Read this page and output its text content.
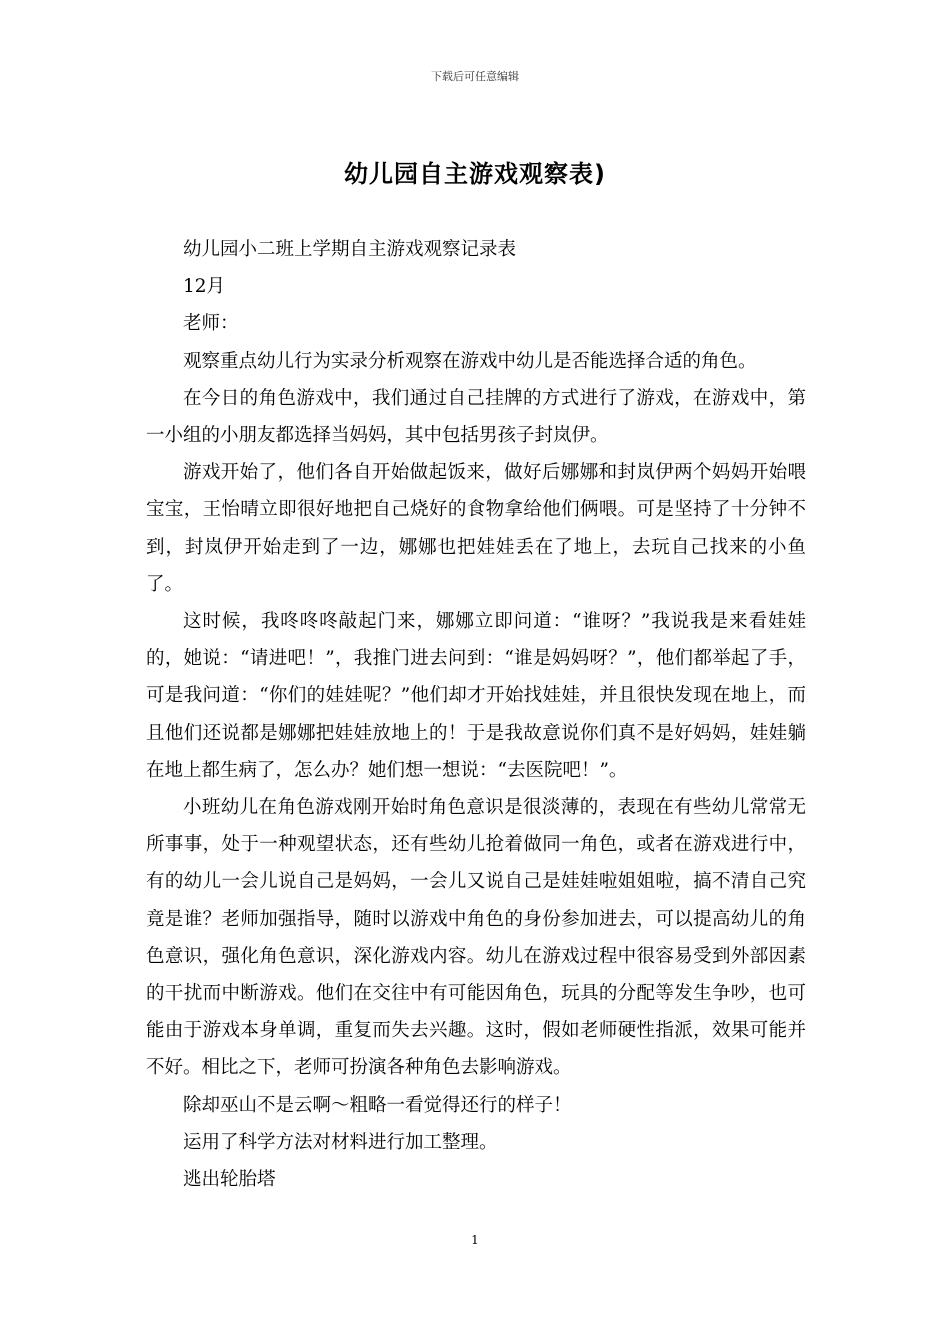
下载后可任意编辑
幼儿园自主游戏观察表)

幼儿园小二班上学期自主游戏观察记录表

12月

老师：

观察重点幼儿行为实录分析观察在游戏中幼儿是否能选择合适的角色。

在今日的角色游戏中，我们通过自己挂牌的方式进行了游戏，在游戏中，第一小组的小朋友都选择当妈妈，其中包括男孩子封岚伊。

游戏开始了，他们各自开始做起饭来，做好后娜娜和封岚伊两个妈妈开始喂宝宝，王怡晴立即很好地把自己烧好的食物拿给他们俩喂。可是坚持了十分钟不到，封岚伊开始走到了一边，娜娜也把娃娃丢在了地上，去玩自己找来的小鱼了。

这时候，我咚咚咚敲起门来，娜娜立即问道：“谁呀？”我说我是来看娃娃的，她说：“请进吧！”，我推门进去问到：“谁是妈妈呀？”，他们都举起了手，可是我问道：“你们的娃娃呢？”他们却才开始找娃娃，并且很快发现在地上，而且他们还说都是娜娜把娃娃放地上的！于是我故意说你们真不是好妈妈，娃娃躺在地上都生病了，怎么办？她们想一想说：“去医院吧！”。

小班幼儿在角色游戏刚开始时角色意识是很淡薄的，表现在有些幼儿常常无所事事，处于一种观望状态，还有些幼儿抢着做同一角色，或者在游戏进行中，有的幼儿一会儿说自己是妈妈，一会儿又说自己是娃娃啦姐姐啦，搞不清自己究竟是谁？老师加强指导，随时以游戏中角色的身份参加进去，可以提高幼儿的角色意识，强化角色意识，深化游戏内容。幼儿在游戏过程中很容易受到外部因素的干扰而中断游戏。他们在交往中有可能因角色，玩具的分配等发生争吵，也可能由于游戏本身单调，重复而失去兴趣。这时，假如老师硬性指派，效果可能并不好。相比之下，老师可扮演各种角色去影响游戏。

除却巫山不是云啊～粗略一看觉得还行的样子！

运用了科学方法对材料进行加工整理。

逃出轮胎塔

1
